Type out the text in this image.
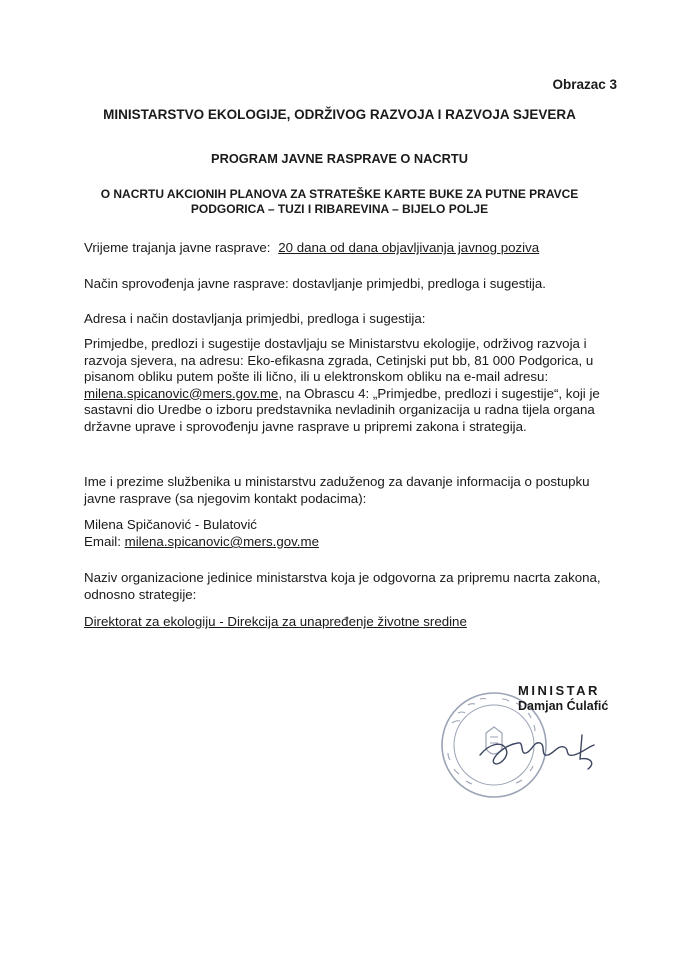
Obrazac 3
MINISTARSTVO EKOLOGIJE, ODRŽIVOG RAZVOJA I RAZVOJA SJEVERA
PROGRAM JAVNE RASPRAVE O NACRTU
O NACRTU AKCIONIH PLANOVA ZA STRATEŠKE KARTE BUKE ZA PUTNE PRAVCE
PODGORICA – TUZI I RIBAREVINA – BIJELO POLJE
Vrijeme trajanja javne rasprave: 20 dana od dana objavljivanja javnog poziva
Način sprovođenja javne rasprave: dostavljanje primjedbi, predloga i sugestija.
Adresa i način dostavljanja primjedbi, predloga i sugestija:
Primjedbe, predlozi i sugestije dostavljaju se Ministarstvu ekologije, održivog razvoja i
razvoja sjevera, na adresu: Eko-efikasna zgrada, Cetinjski put bb, 81 000 Podgorica, u
pisanom obliku putem pošte ili lično, ili u elektronskom obliku na e-mail adresu:
milena.spicanovic@mers.gov.me, na Obrascu 4: „Primjedbe, predlozi i sugestije“, koji je
sastavni dio Uredbe o izboru predstavnika nevladinih organizacija u radna tijela organa
državne uprave i sprovođenju javne rasprave u pripremi zakona i strategija.
Ime i prezime službenika u ministarstvu zaduženog za davanje informacija o postupku
javne rasprave (sa njegovim kontakt podacima):
Milena Spičanović - Bulatović
Email: milena.spicanovic@mers.gov.me
Naziv organizacione jedinice ministarstva koja je odgovorna za pripremu nacrta zakona,
odnosno strategije:
Direktorat za ekologiju - Direkcija za unapređenje životne sredine
MINISTAR
Damjan Ćulafić
